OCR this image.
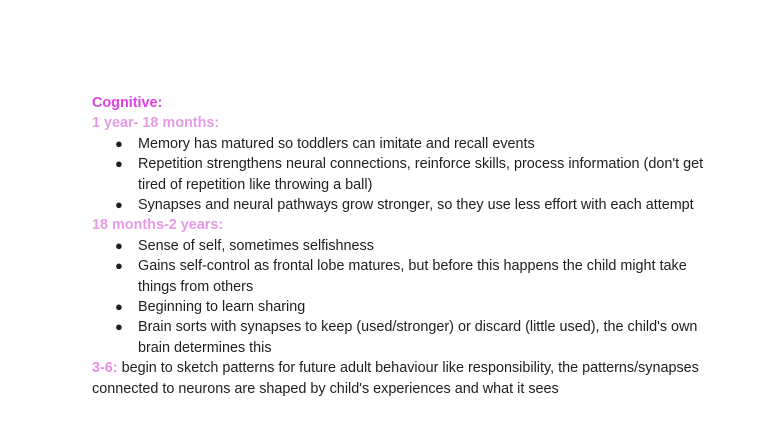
Cognitive:

1 year- 18 months:

● Memory has matured so toddlers can imitate and recall events
● Repetition strengthens neural connections, reinforce skills, process information (don't get tired of repetition like throwing a ball)
● Synapses and neural pathways grow stronger, so they use less effort with each attempt

18 months-2 years:

● Sense of self, sometimes selfishness
● Gains self-control as frontal lobe matures, but before this happens the child might take things from others
● Beginning to learn sharing
● Brain sorts with synapses to keep (used/stronger) or discard (little used), the child's own brain determines this

3-6: begin to sketch patterns for future adult behaviour like responsibility, the patterns/synapses connected to neurons are shaped by child's experiences and what it sees
